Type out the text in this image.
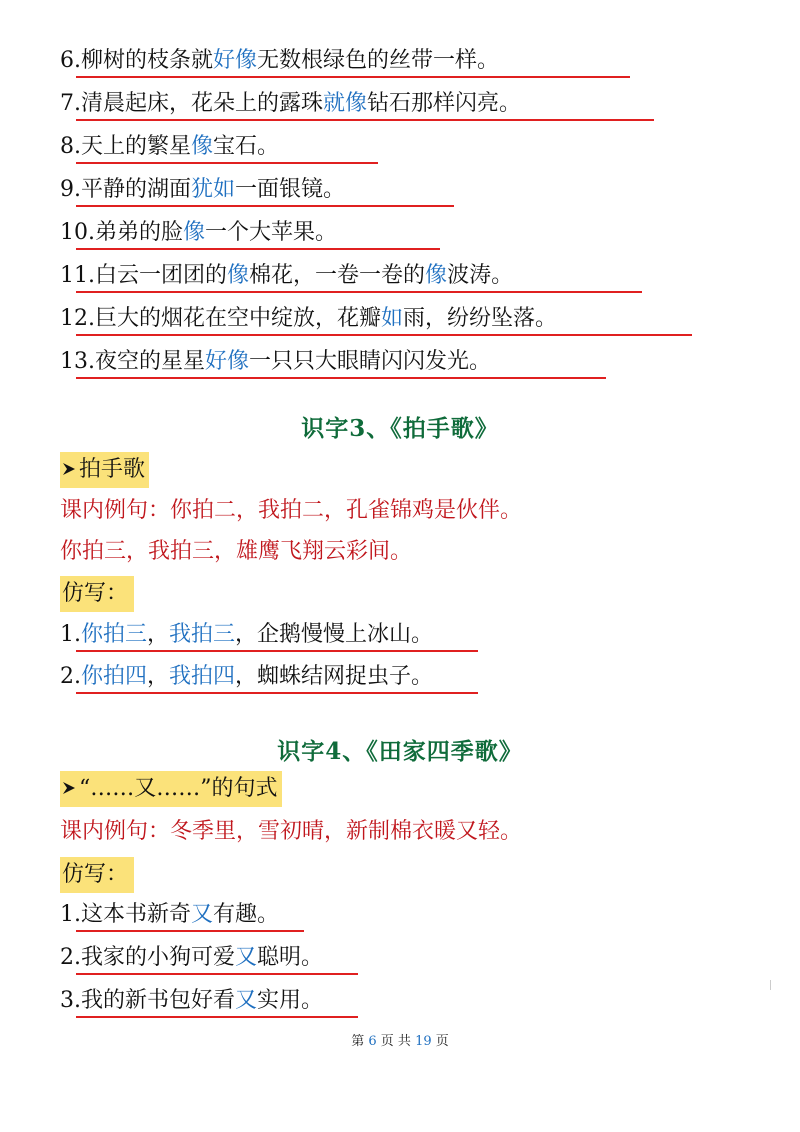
6.柳树的枝条就好像无数根绿色的丝带一样。
7.清晨起床，花朵上的露珠就像钻石那样闪亮。
8.天上的繁星像宝石。
9.平静的湖面犹如一面银镜。
10.弟弟的脸像一个大苹果。
11.白云一团团的像棉花，一卷一卷的像波涛。
12.巨大的烟花在空中绽放，花瓣如雨，纷纷坠落。
13.夜空的星星好像一只只大眼睛闪闪发光。
识字3、《拍手歌》
拍手歌
课内例句：你拍二，我拍二，孔雀锦鸡是伙伴。
你拍三，我拍三，雄鹰飞翔云彩间。
仿写：
1.你拍三，我拍三，企鹅慢慢上冰山。
2.你拍四，我拍四，蜘蛛结网捉虫子。
识字4、《田家四季歌》
“……又……”的句式
课内例句：冬季里，雪初晴，新制棉衣暖又轻。
仿写：
1.这本书新奇又有趣。
2.我家的小狗可爱又聪明。
3.我的新书包好看又实用。
第 6 页 共 19 页
